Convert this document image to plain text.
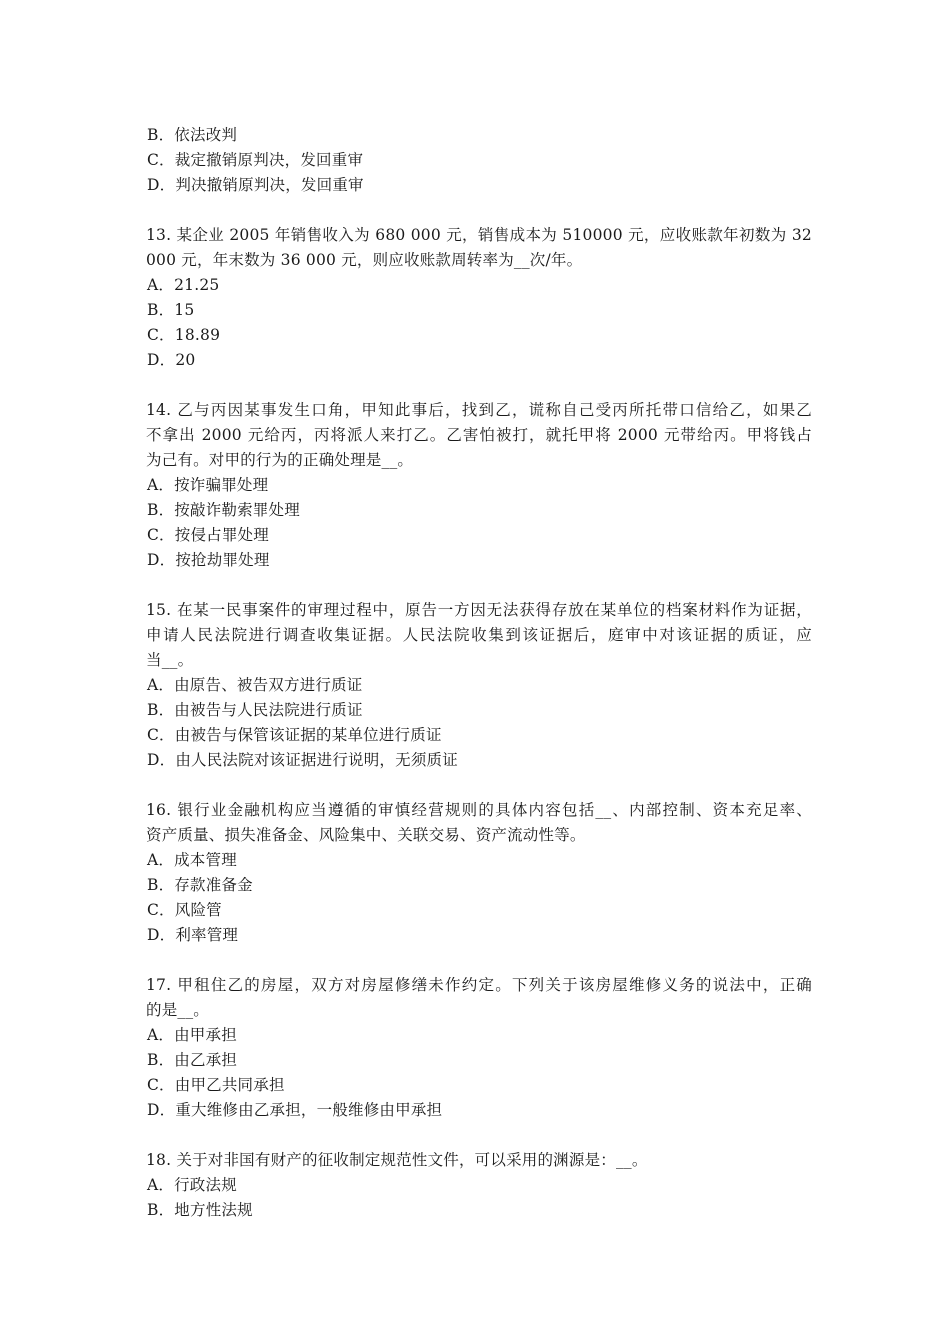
B．依法改判
C．裁定撤销原判决，发回重审
D．判决撤销原判决，发回重审
13. 某企业 2005 年销售收入为 680 000 元，销售成本为 510000 元，应收账款年初数为 32
000 元，年末数为 36 000 元，则应收账款周转率为__次/年。
A．21.25
B．15
C．18.89
D．20
14. 乙与丙因某事发生口角，甲知此事后，找到乙，谎称自己受丙所托带口信给乙，如果乙
不拿出 2000 元给丙，丙将派人来打乙。乙害怕被打，就托甲将 2000 元带给丙。甲将钱占
为己有。对甲的行为的正确处理是__。
A．按诈骗罪处理
B．按敲诈勒索罪处理
C．按侵占罪处理
D．按抢劫罪处理
15. 在某一民事案件的审理过程中，原告一方因无法获得存放在某单位的档案材料作为证据，
申请人民法院进行调查收集证据。人民法院收集到该证据后，庭审中对该证据的质证，应
当__。
A．由原告、被告双方进行质证
B．由被告与人民法院进行质证
C．由被告与保管该证据的某单位进行质证
D．由人民法院对该证据进行说明，无须质证
16. 银行业金融机构应当遵循的审慎经营规则的具体内容包括__、内部控制、资本充足率、
资产质量、损失准备金、风险集中、关联交易、资产流动性等。
A．成本管理
B．存款准备金
C．风险管
D．利率管理
17. 甲租住乙的房屋，双方对房屋修缮未作约定。下列关于该房屋维修义务的说法中，正确
的是__。
A．由甲承担
B．由乙承担
C．由甲乙共同承担
D．重大维修由乙承担，一般维修由甲承担
18. 关于对非国有财产的征收制定规范性文件，可以采用的渊源是：__。
A．行政法规
B．地方性法规
